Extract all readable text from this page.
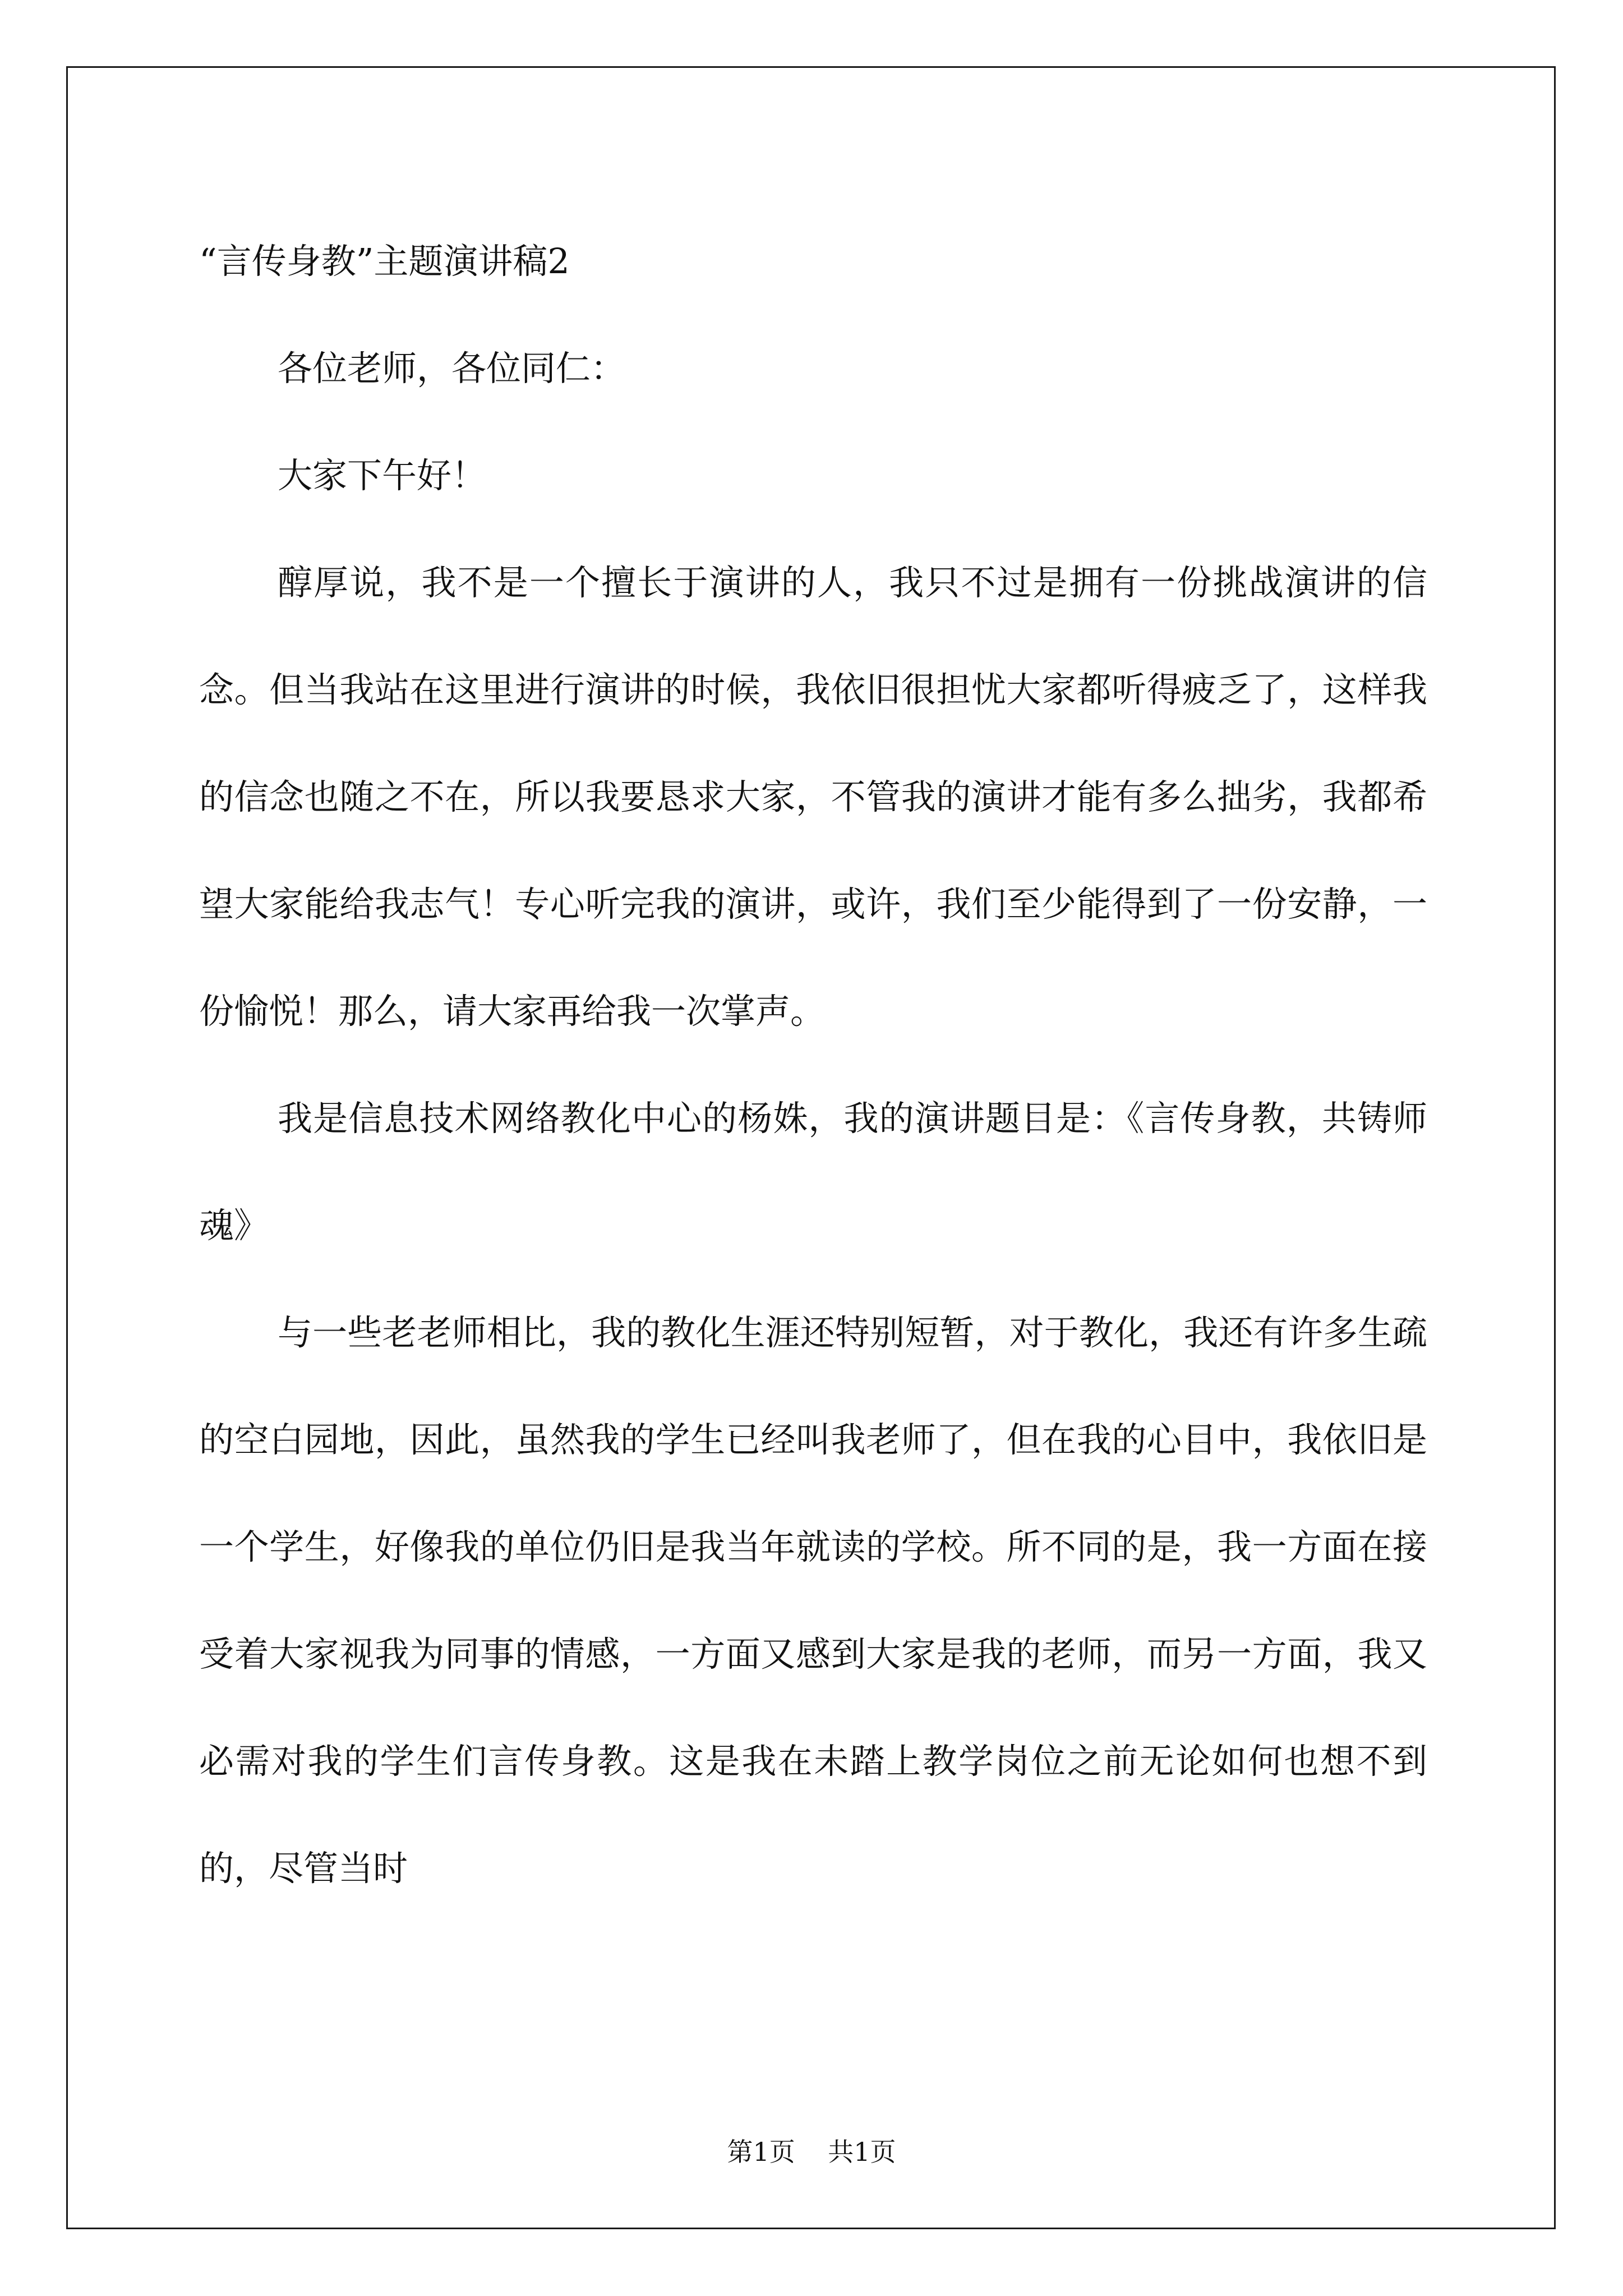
“言传身教”主题演讲稿2

各位老师，各位同仁：

大家下午好！

醇厚说，我不是一个擅长于演讲的人，我只不过是拥有一份挑战演讲的信念。但当我站在这里进行演讲的时候，我依旧很担忧大家都听得疲乏了，这样我的信念也随之不在，所以我要恳求大家，不管我的演讲才能有多么拙劣，我都希望大家能给我志气！专心听完我的演讲，或许，我们至少能得到了一份安静，一份愉悦！那么，请大家再给我一次掌声。

我是信息技术网络教化中心的杨姝，我的演讲题目是：《言传身教，共铸师魂》

与一些老老师相比，我的教化生涯还特别短暂，对于教化，我还有许多生疏的空白园地，因此，虽然我的学生已经叫我老师了，但在我的心目中，我依旧是一个学生，好像我的单位仍旧是我当年就读的学校。所不同的是，我一方面在接受着大家视我为同事的情感，一方面又感到大家是我的老师，而另一方面，我又必需对我的学生们言传身教。这是我在未踏上教学岗位之前无论如何也想不到的，尽管当时

第1页 共1页
